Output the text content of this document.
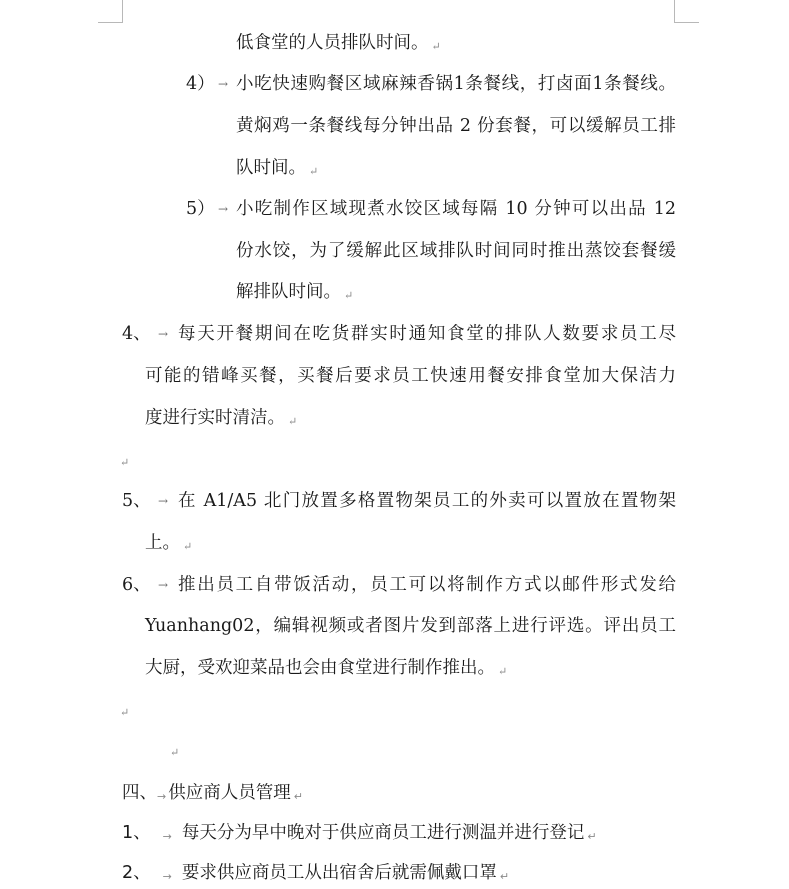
低食堂的人员排队时间。 ↵
4） → 小吃快速购餐区域麻辣香锅1条餐线，打卤面1条餐线。
黄焖鸡一条餐线每分钟出品 2 份套餐，可以缓解员工排
队时间。 ↵
5） → 小吃制作区域现煮水饺区域每隔 10 分钟可以出品 12
份水饺，为了缓解此区域排队时间同时推出蒸饺套餐缓
解排队时间。 ↵
4、 → 每天开餐期间在吃货群实时通知食堂的排队人数要求员工尽
可能的错峰买餐，买餐后要求员工快速用餐安排食堂加大保洁力
度进行实时清洁。 ↵
↵
5、 → 在 A1/A5 北门放置多格置物架员工的外卖可以置放在置物架
上。 ↵
6、 → 推出员工自带饭活动，员工可以将制作方式以邮件形式发给
Yuanhang02，编辑视频或者图片发到部落上进行评选。评出员工
大厨，受欢迎菜品也会由食堂进行制作推出。 ↵
↵
↵
四、→ 供应商人员管理 ↵
1、 → 每天分为早中晚对于供应商员工进行测温并进行登记 ↵
2、 → 要求供应商员工从出宿舍后就需佩戴口罩 ↵
